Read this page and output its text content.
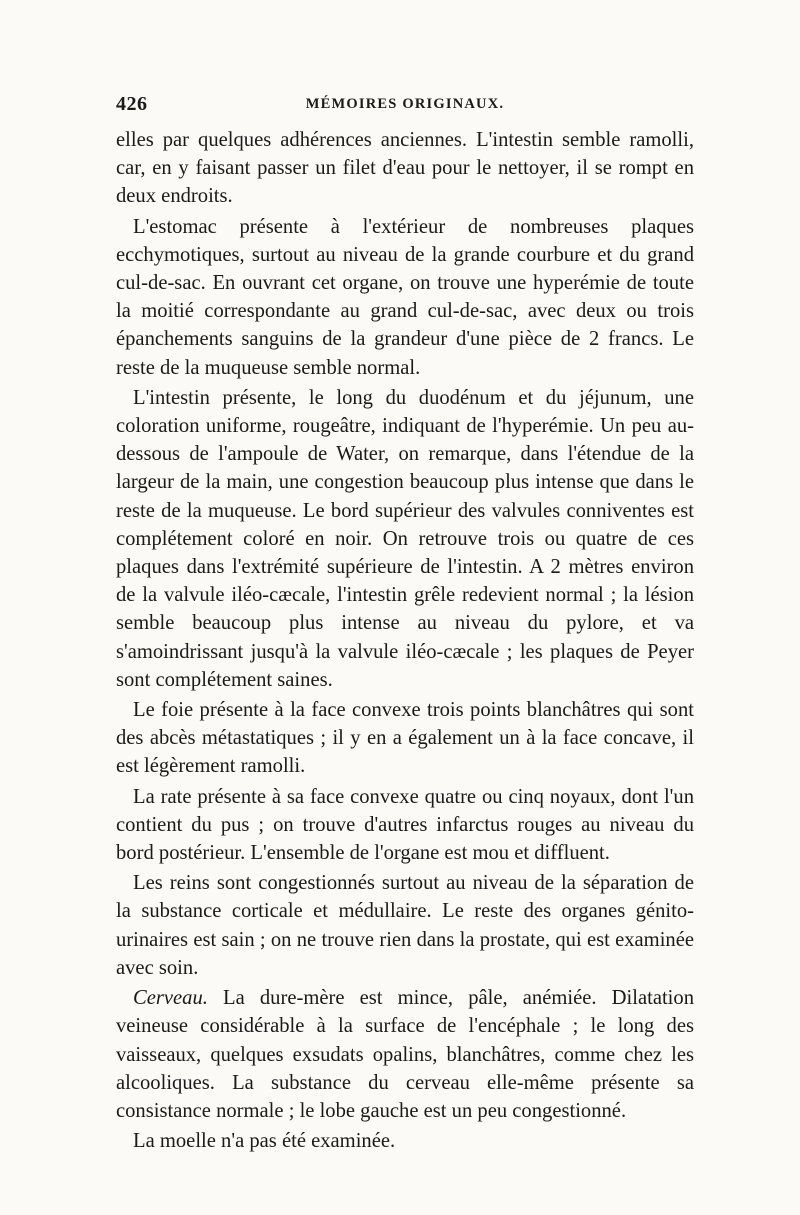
426	MÉMOIRES ORIGINAUX.

elles par quelques adhérences anciennes. L'intestin semble ramolli, car, en y faisant passer un filet d'eau pour le nettoyer, il se rompt en deux endroits.

L'estomac présente à l'extérieur de nombreuses plaques ecchymotiques, surtout au niveau de la grande courbure et du grand cul-de-sac. En ouvrant cet organe, on trouve une hyperémie de toute la moitié correspondante au grand cul-de-sac, avec deux ou trois épanchements sanguins de la grandeur d'une pièce de 2 francs. Le reste de la muqueuse semble normal.

L'intestin présente, le long du duodénum et du jéjunum, une coloration uniforme, rougeâtre, indiquant de l'hyperémie. Un peu au-dessous de l'ampoule de Water, on remarque, dans l'étendue de la largeur de la main, une congestion beaucoup plus intense que dans le reste de la muqueuse. Le bord supérieur des valvules conniventes est complétement coloré en noir. On retrouve trois ou quatre de ces plaques dans l'extrémité supérieure de l'intestin. A 2 mètres environ de la valvule iléo-cæcale, l'intestin grêle redevient normal ; la lésion semble beaucoup plus intense au niveau du pylore, et va s'amoindrissant jusqu'à la valvule iléo-cæcale ; les plaques de Peyer sont complétement saines.

Le foie présente à la face convexe trois points blanchâtres qui sont des abcès métastatiques ; il y en a également un à la face concave, il est légèrement ramolli.

La rate présente à sa face convexe quatre ou cinq noyaux, dont l'un contient du pus ; on trouve d'autres infarctus rouges au niveau du bord postérieur. L'ensemble de l'organe est mou et diffluent.

Les reins sont congestionnés surtout au niveau de la séparation de la substance corticale et médullaire. Le reste des organes génito-urinaires est sain ; on ne trouve rien dans la prostate, qui est examinée avec soin.

Cerveau. La dure-mère est mince, pâle, anémiée. Dilatation veineuse considérable à la surface de l'encéphale ; le long des vaisseaux, quelques exsudats opalins, blanchâtres, comme chez les alcooliques. La substance du cerveau elle-même présente sa consistance normale ; le lobe gauche est un peu congestionné.

La moelle n'a pas été examinée.
